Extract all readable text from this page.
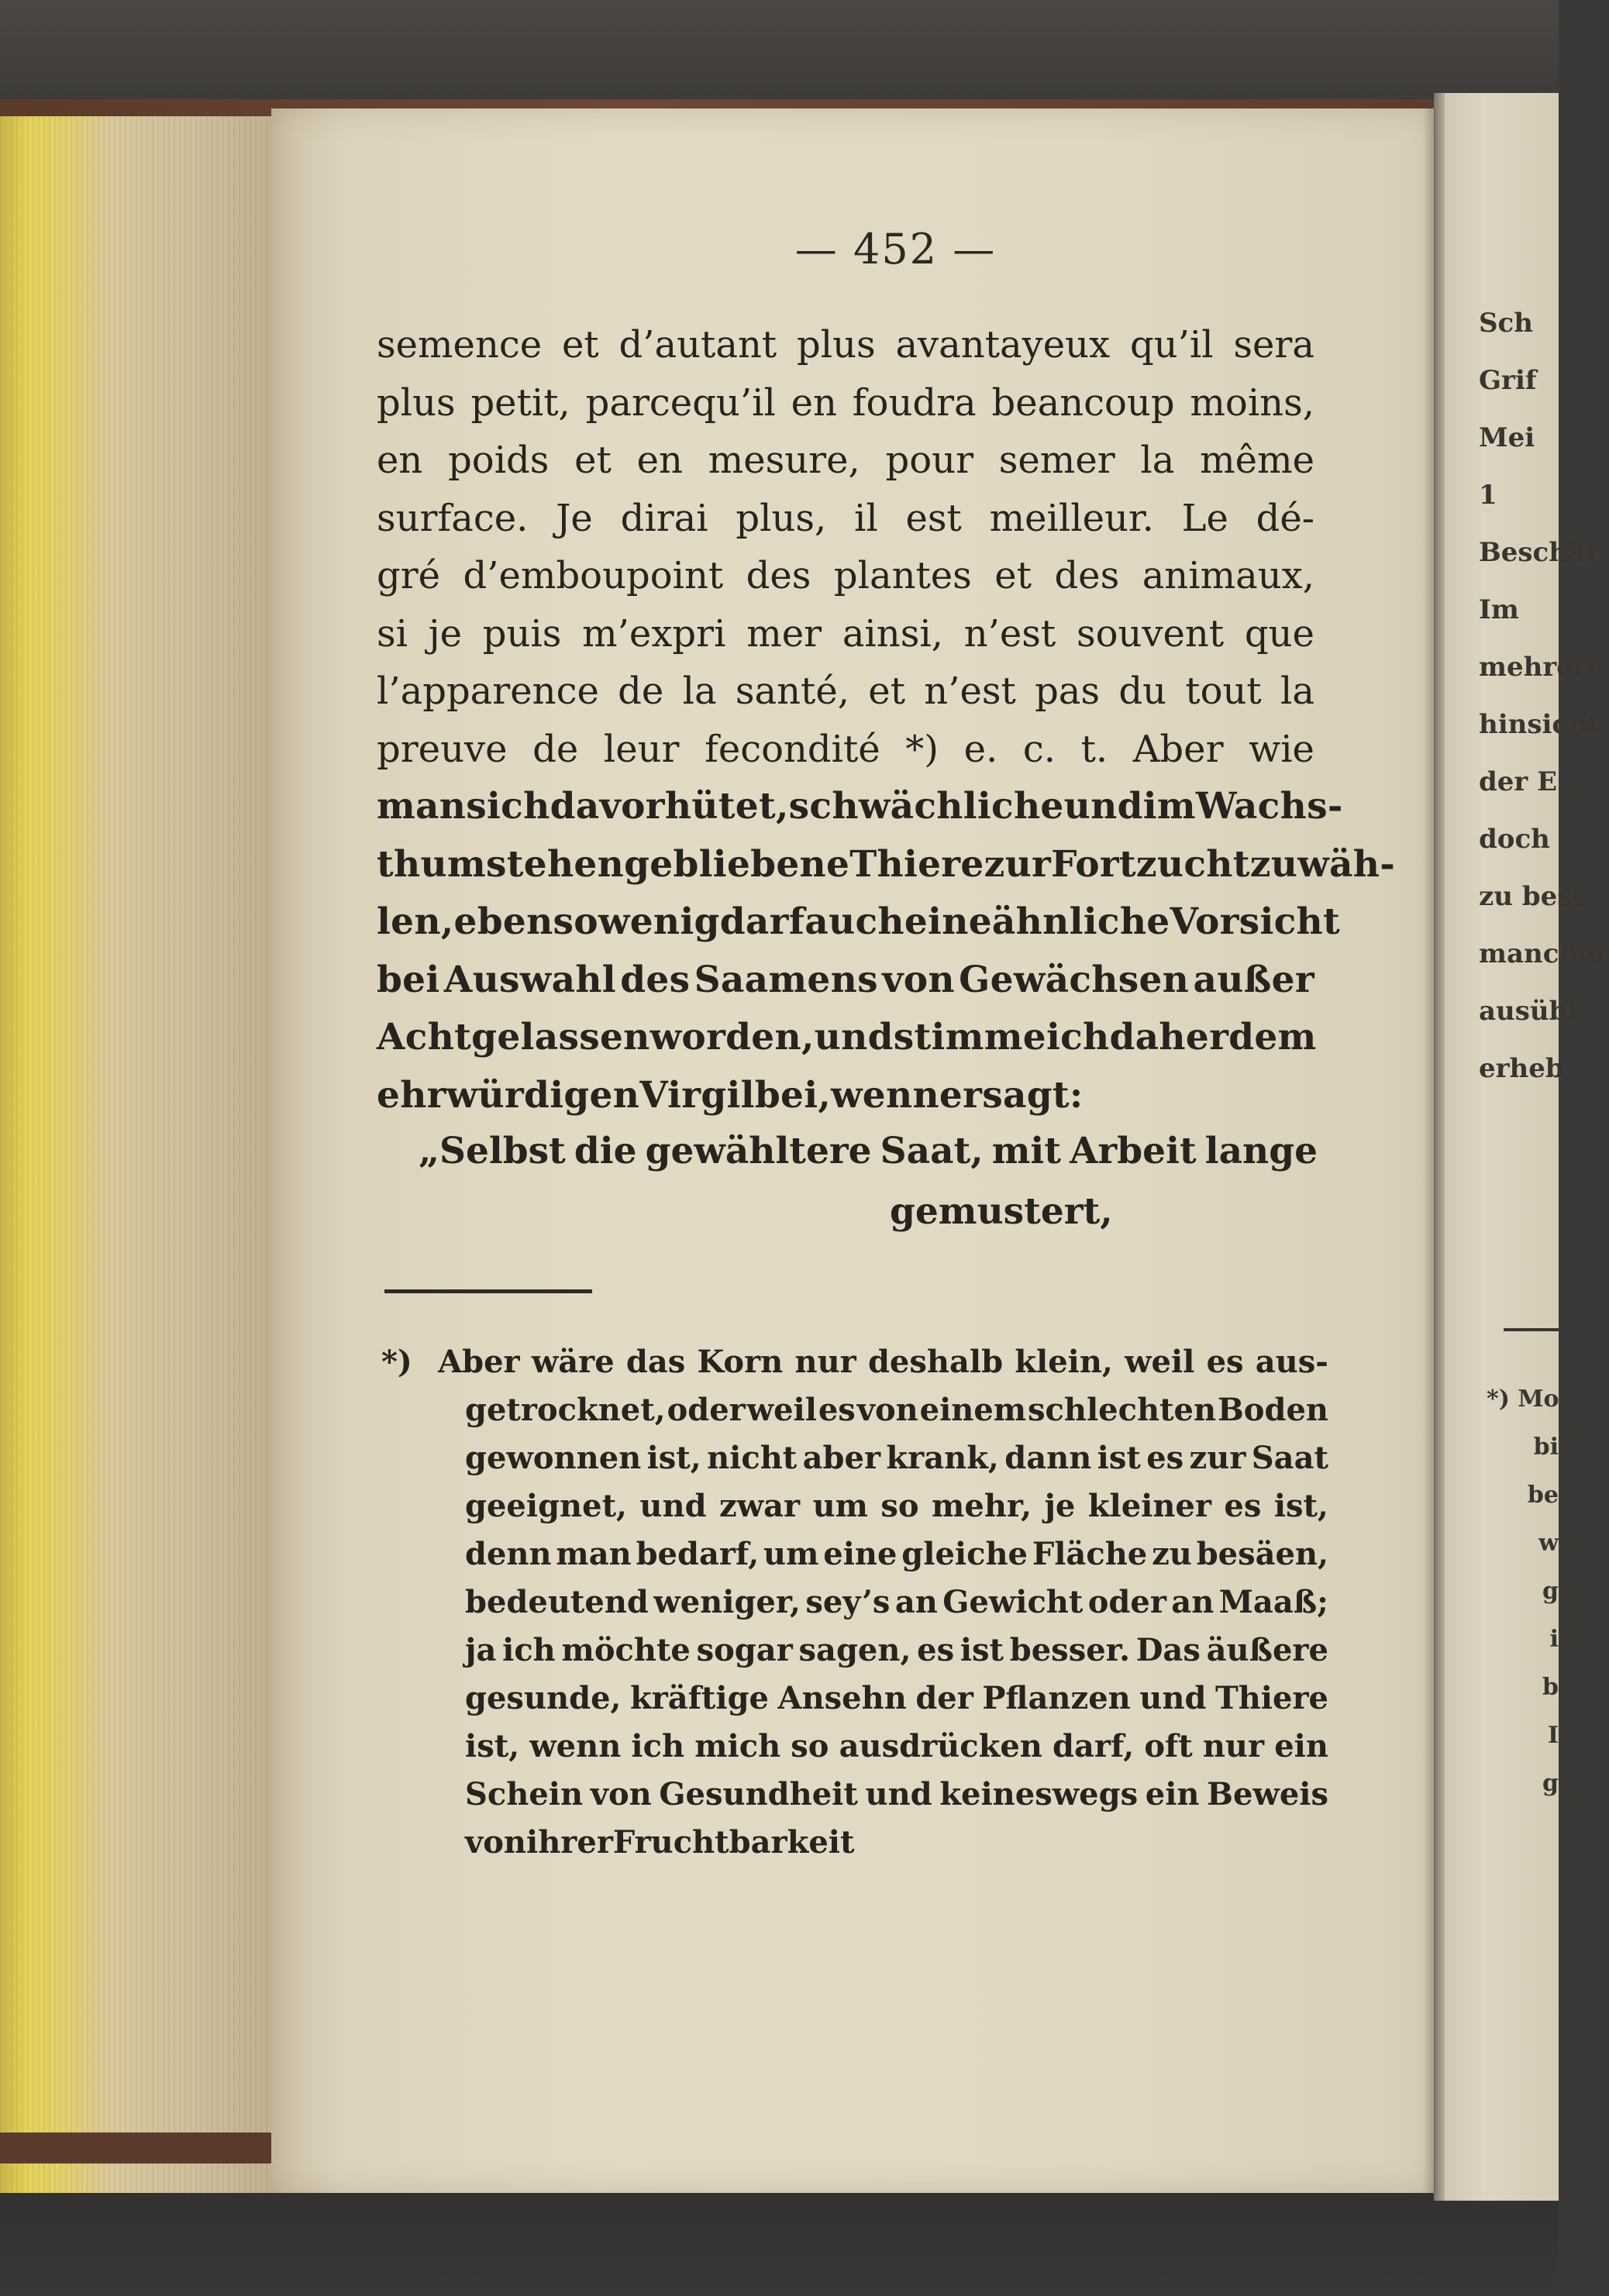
— 452 —
semence et d’autant plus avantayeux qu’il sera
plus petit, parcequ’il en foudra beancoup moins,
en poids et en mesure, pour semer la même
surface. Je dirai plus, il est meilleur. Le dé-
gré d’emboupoint des plantes et des animaux,
si je puis m’expri mer ainsi, n’est souvent que
l’apparence de la santé, et n’est pas du tout la
preuve de leur fecondité *) e. c. t. Aber wie
man sich davor hütet, schwächliche und im Wachs-
thum stehen gebliebene Thiere zur Fortzucht zu wäh-
len, eben so wenig darf auch eine ähnliche Vorsicht
bei Auswahl des Saamens von Gewächsen außer
Acht gelassen worden, und stimme ich daher dem
ehrwürdigen Virgil bei, wenn er sagt:
„Selbst die gewähltere Saat, mit Arbeit lange
gemustert,
*) Aber wäre das Korn nur deshalb klein, weil es aus-
getrocknet, oder weil es von einem schlechten Boden
gewonnen ist, nicht aber krank, dann ist es zur Saat
geeignet, und zwar um so mehr, je kleiner es ist,
denn man bedarf, um eine gleiche Fläche zu besäen,
bedeutend weniger, sey’s an Gewicht oder an Maaß;
ja ich möchte sogar sagen, es ist besser. Das äußere
gesunde, kräftige Ansehn der Pflanzen und Thiere
ist, wenn ich mich so ausdrücken darf, oft nur ein
Schein von Gesundheit und keineswegs ein Beweis
von ihrer Fruchtbarkeit
Sch
Grif
Mei
1
Beschäf
Im
mehrere
hinsicht
der E
doch
zu bese
mancher
ausübt
erheb
*) Mo
bi
be
w
g
i
b
I
g
